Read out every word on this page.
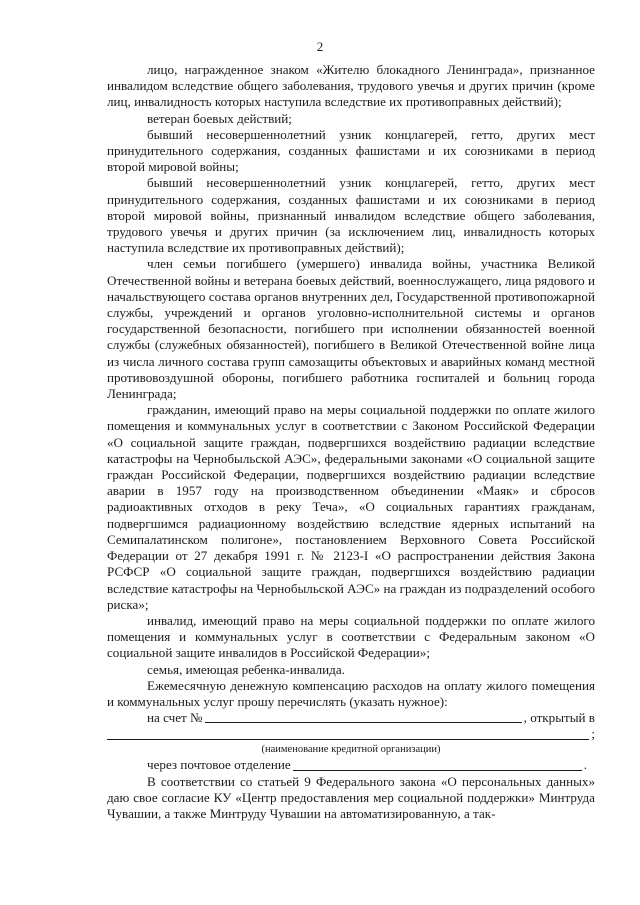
2

лицо, награжденное знаком «Жителю блокадного Ленинграда», признанное инвалидом вследствие общего заболевания, трудового увечья и других причин (кроме лиц, инвалидность которых наступила вследствие их противоправных действий);

ветеран боевых действий;

бывший несовершеннолетний узник концлагерей, гетто, других мест принудительного содержания, созданных фашистами и их союзниками в период второй мировой войны;

бывший несовершеннолетний узник концлагерей, гетто, других мест принудительного содержания, созданных фашистами и их союзниками в период второй мировой войны, признанный инвалидом вследствие общего заболевания, трудового увечья и других причин (за исключением лиц, инвалидность которых наступила вследствие их противоправных действий);

член семьи погибшего (умершего) инвалида войны, участника Великой Отечественной войны и ветерана боевых действий, военнослужащего, лица рядового и начальствующего состава органов внутренних дел, Государственной противопожарной службы, учреждений и органов уголовно-исполнительной системы и органов государственной безопасности, погибшего при исполнении обязанностей военной службы (служебных обязанностей), погибшего в Великой Отечественной войне лица из числа личного состава групп самозащиты объектовых и аварийных команд местной противовоздушной обороны, погибшего работника госпиталей и больниц города Ленинграда;

гражданин, имеющий право на меры социальной поддержки по оплате жилого помещения и коммунальных услуг в соответствии с Законом Российской Федерации «О социальной защите граждан, подвергшихся воздействию радиации вследствие катастрофы на Чернобыльской АЭС», федеральными законами «О социальной защите граждан Российской Федерации, подвергшихся воздействию радиации вследствие аварии в 1957 году на производственном объединении «Маяк» и сбросов радиоактивных отходов в реку Теча», «О социальных гарантиях гражданам, подвергшимся радиационному воздействию вследствие ядерных испытаний на Семипалатинском полигоне», постановлением Верховного Совета Российской Федерации от 27 декабря 1991 г. № 2123-I «О распространении действия Закона РСФСР «О социальной защите граждан, подвергшихся воздействию радиации вследствие катастрофы на Чернобыльской АЭС» на граждан из подразделений особого риска»;

инвалид, имеющий право на меры социальной поддержки по оплате жилого помещения и коммунальных услуг в соответствии с Федеральным законом «О социальной защите инвалидов в Российской Федерации»;

семья, имеющая ребенка-инвалида.

Ежемесячную денежную компенсацию расходов на оплату жилого помещения и коммунальных услуг прошу перечислять (указать нужное):

на счет №	, открытый в
;
(наименование кредитной организации)
через почтовое отделение	.

В соответствии со статьей 9 Федерального закона «О персональных данных» даю свое согласие КУ «Центр предоставления мер социальной поддержки» Минтруда Чувашии, а также Минтруду Чувашии на автоматизированную, а так-
